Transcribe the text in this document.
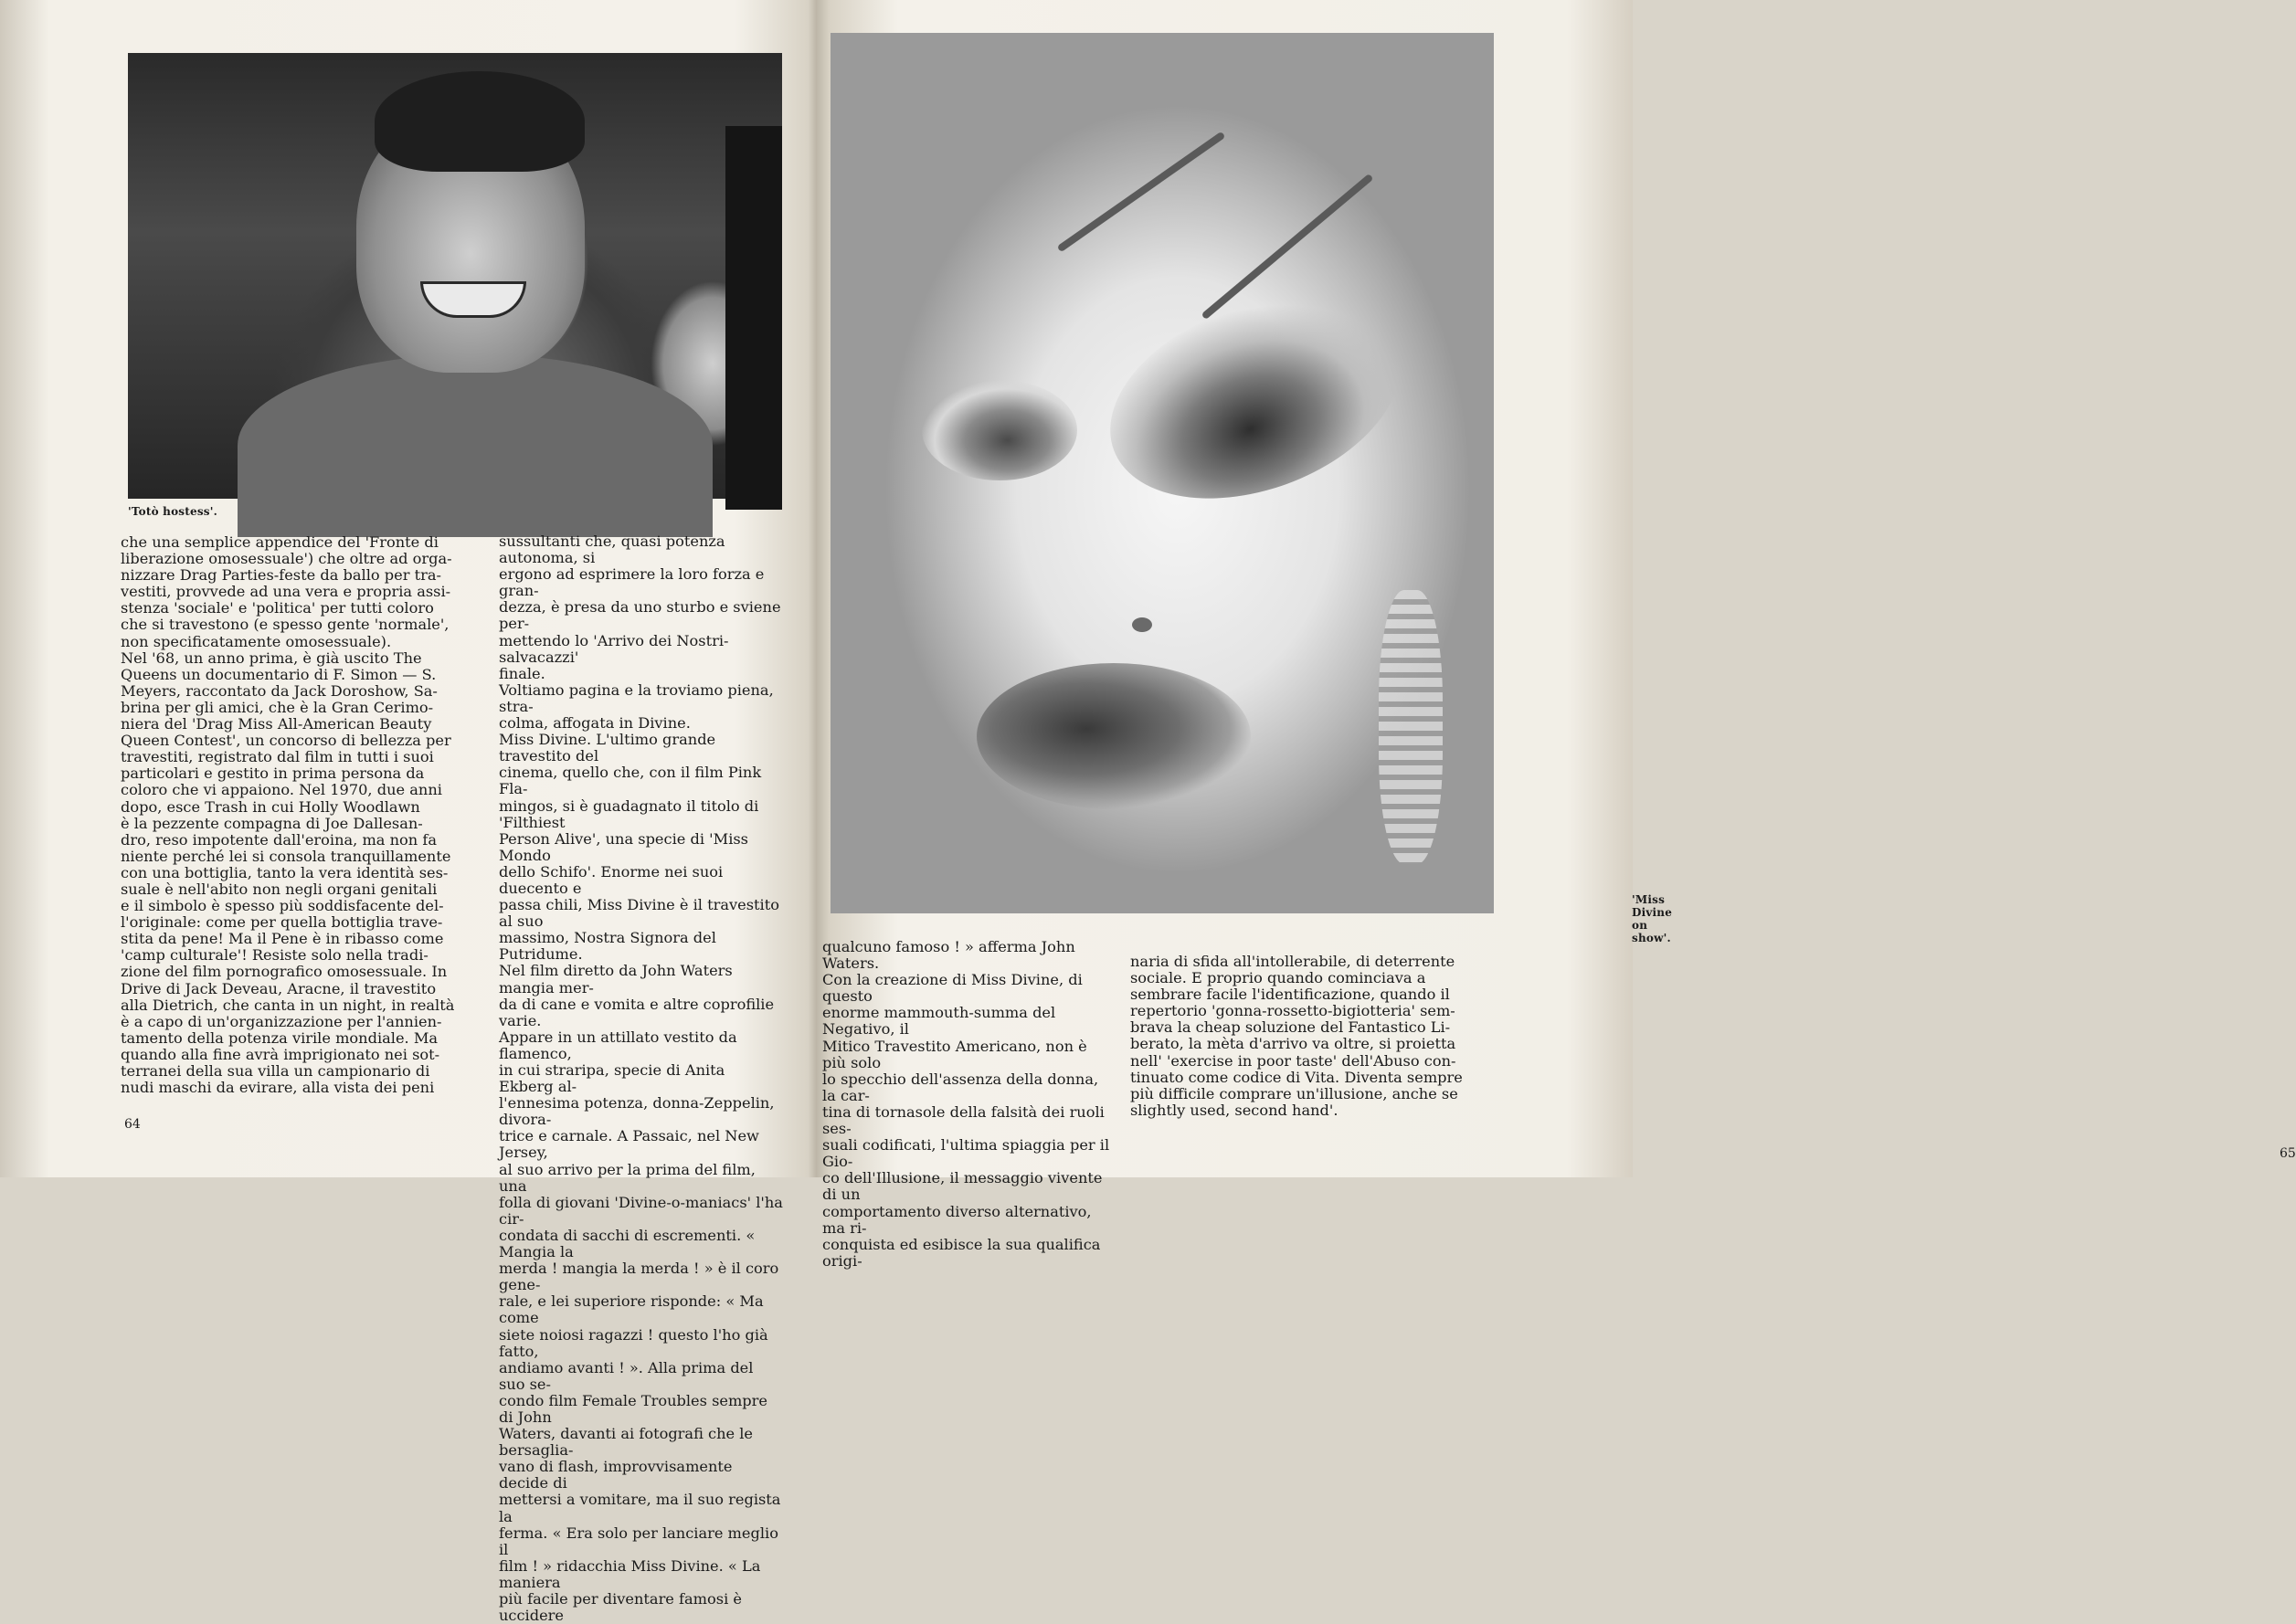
'Totò hostess'.

che una semplice appendice del 'Fronte di
liberazione omosessuale') che oltre ad orga-
nizzare Drag Parties-feste da ballo per tra-
vestiti, provvede ad una vera e propria assi-
stenza 'sociale' e 'politica' per tutti coloro
che si travestono (e spesso gente 'normale',
non specificatamente omosessuale).
Nel '68, un anno prima, è già uscito The
Queens un documentario di F. Simon — S.
Meyers, raccontato da Jack Doroshow, Sa-
brina per gli amici, che è la Gran Cerimo-
niera del 'Drag Miss All-American Beauty
Queen Contest', un concorso di bellezza per
travestiti, registrato dal film in tutti i suoi
particolari e gestito in prima persona da
coloro che vi appaiono. Nel 1970, due anni
dopo, esce Trash in cui Holly Woodlawn
è la pezzente compagna di Joe Dallesan-
dro, reso impotente dall'eroina, ma non fa
niente perché lei si consola tranquillamente
con una bottiglia, tanto la vera identità ses-
suale è nell'abito non negli organi genitali
e il simbolo è spesso più soddisfacente del-
l'originale: come per quella bottiglia trave-
stita da pene! Ma il Pene è in ribasso come
'camp culturale'! Resiste solo nella tradi-
zione del film pornografico omosessuale. In
Drive di Jack Deveau, Aracne, il travestito
alla Dietrich, che canta in un night, in realtà
è a capo di un'organizzazione per l'annien-
tamento della potenza virile mondiale. Ma
quando alla fine avrà imprigionato nei sot-
terranei della sua villa un campionario di
nudi maschi da evirare, alla vista dei peni

sussultanti che, quasi potenza autonoma, si
ergono ad esprimere la loro forza e gran-
dezza, è presa da uno sturbo e sviene per-
mettendo lo 'Arrivo dei Nostri-salvacazzi'
finale.
Voltiamo pagina e la troviamo piena, stra-
colma, affogata in Divine.
Miss Divine. L'ultimo grande travestito del
cinema, quello che, con il film Pink Fla-
mingos, si è guadagnato il titolo di 'Filthiest
Person Alive', una specie di 'Miss Mondo
dello Schifo'. Enorme nei suoi duecento e
passa chili, Miss Divine è il travestito al suo
massimo, Nostra Signora del Putridume.
Nel film diretto da John Waters mangia mer-
da di cane e vomita e altre coprofilie varie.
Appare in un attillato vestito da flamenco,
in cui straripa, specie di Anita Ekberg al-
l'ennesima potenza, donna-Zeppelin, divora-
trice e carnale. A Passaic, nel New Jersey,
al suo arrivo per la prima del film, una
folla di giovani 'Divine-o-maniacs' l'ha cir-
condata di sacchi di escrementi. « Mangia la
merda ! mangia la merda ! » è il coro gene-
rale, e lei superiore risponde: « Ma come
siete noiosi ragazzi ! questo l'ho già fatto,
andiamo avanti ! ». Alla prima del suo se-
condo film Female Troubles sempre di John
Waters, davanti ai fotografi che le bersaglia-
vano di flash, improvvisamente decide di
mettersi a vomitare, ma il suo regista la
ferma. « Era solo per lanciare meglio il
film ! » ridacchia Miss Divine. « La maniera
più facile per diventare famosi è uccidere

64
'Miss Divine on show'.
65

qualcuno famoso ! » afferma John Waters.
Con la creazione di Miss Divine, di questo
enorme mammouth-summa del Negativo, il
Mitico Travestito Americano, non è più solo
lo specchio dell'assenza della donna, la car-
tina di tornasole della falsità dei ruoli ses-
suali codificati, l'ultima spiaggia per il Gio-
co dell'Illusione, il messaggio vivente di un
comportamento diverso alternativo, ma ri-
conquista ed esibisce la sua qualifica origi-

naria di sfida all'intollerabile, di deterrente
sociale. E proprio quando cominciava a
sembrare facile l'identificazione, quando il
repertorio 'gonna-rossetto-bigiotteria' sem-
brava la cheap soluzione del Fantastico Li-
berato, la mèta d'arrivo va oltre, si proietta
nell' 'exercise in poor taste' dell'Abuso con-
tinuato come codice di Vita. Diventa sempre
più difficile comprare un'illusione, anche se
slightly used, second hand'.
